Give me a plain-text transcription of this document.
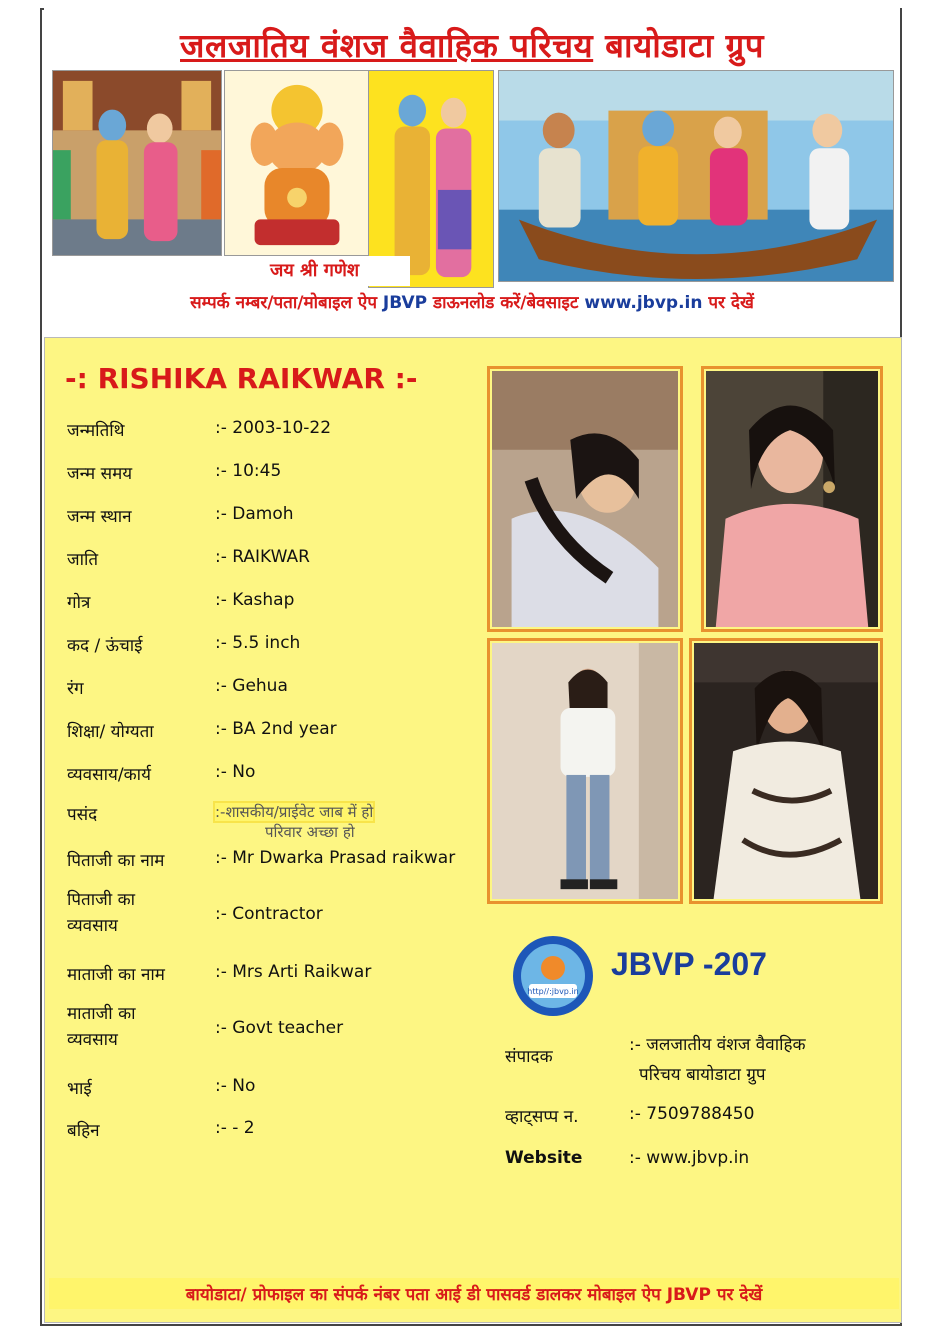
जलजातिय वंशज वैवाहिक परिचय बायोडाटा ग्रुप
जय श्री गणेश
सम्पर्क नम्बर/पता/मोबाइल ऐप JBVP डाऊनलोड करें/बेवसाइट www.jbvp.in पर देखें
-: RISHIKA RAIKWAR :-
जन्मतिथि	:- 2003-10-22
जन्म समय	:- 10:45
जन्म स्थान	:- Damoh
जाति	:- RAIKWAR
गोत्र	:- Kashap
कद / ऊंचाई	:- 5.5 inch
रंग	:- Gehua
शिक्षा/ योग्यता	:- BA 2nd year
व्यवसाय/कार्य	:- No
पसंद	:-शासकीय/प्राईवेट जाब में हो
परिवार अच्छा हो
पिताजी का नाम	:- Mr Dwarka Prasad raikwar
पिताजी का व्यवसाय
:- Contractor
माताजी का नाम	:- Mrs Arti Raikwar
माताजी का व्यवसाय
:- Govt teacher
भाई	:- No
बहिन	:- - 2
http//:jbvp.in
JBVP -207
संपादक
:- जलजातीय वंशज वैवाहिक
परिचय बायोडाटा ग्रुप
व्हाट्सप्प न.	:- 7509788450
Website	:- www.jbvp.in
बायोडाटा/ प्रोफाइल का संपर्क नंबर पता आई डी पासवर्ड डालकर मोबाइल ऐप JBVP पर देखें
